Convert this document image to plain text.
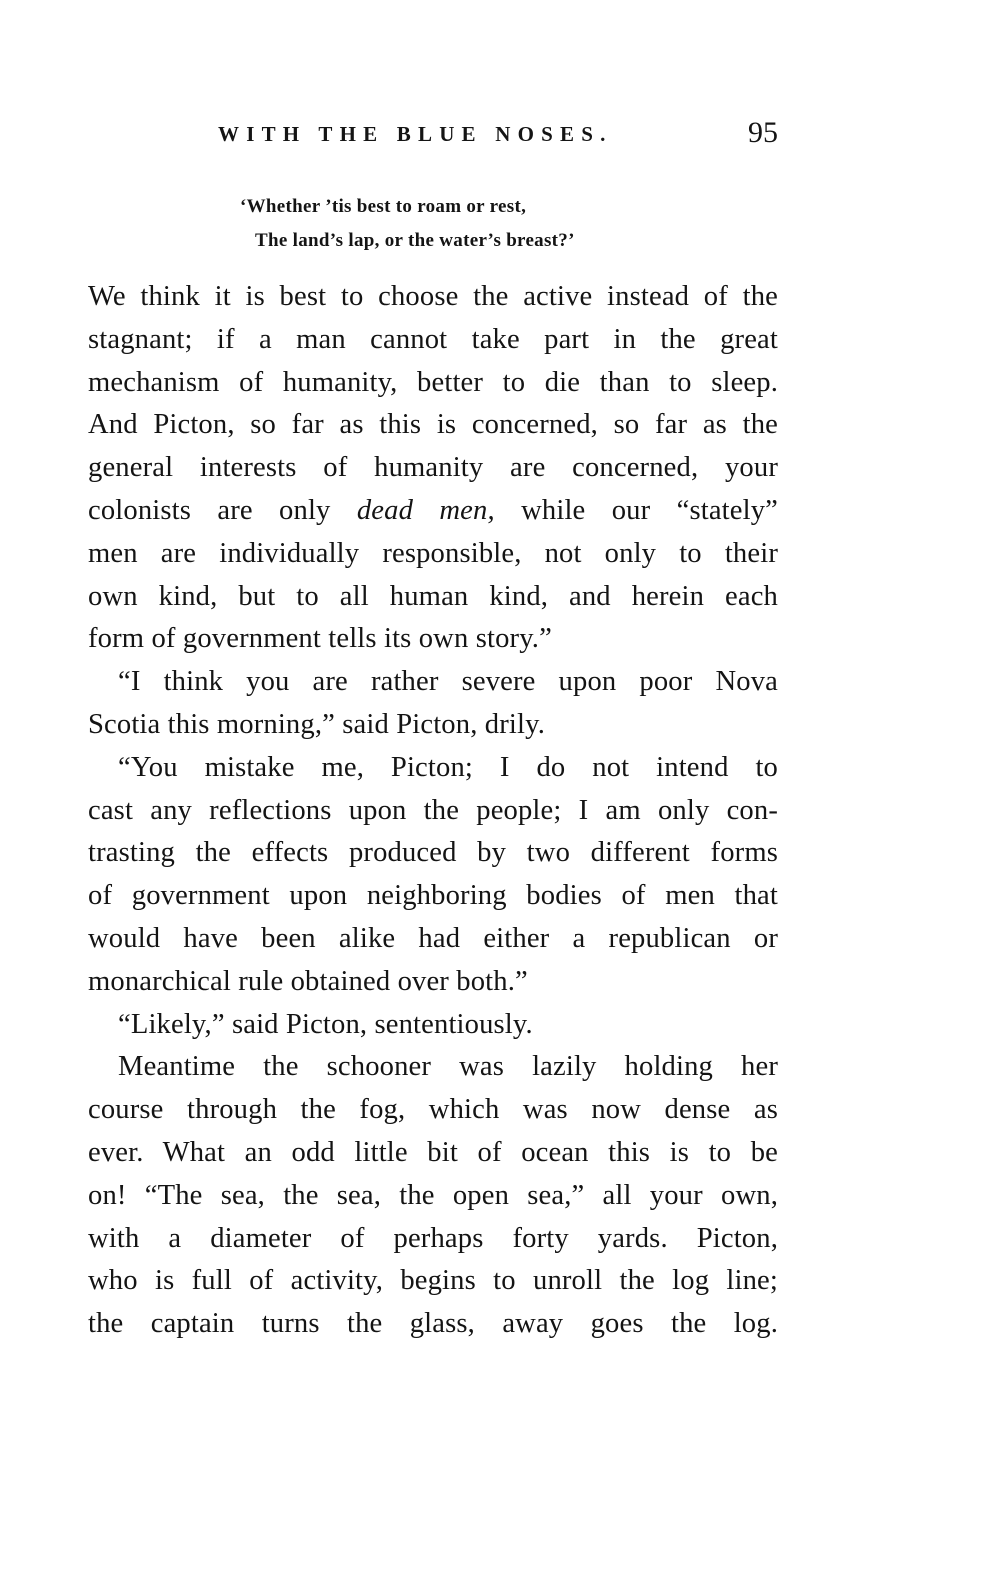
WITH THE BLUE NOSES.	95
‘Whether ’tis best to roam or rest,
The land’s lap, or the water’s breast?’
We think it is best to choose the active instead of the
stagnant; if a man cannot take part in the great
mechanism of humanity, better to die than to sleep.
And Picton, so far as this is concerned, so far as the
general interests of humanity are concerned, your
colonists are only dead men, while our “stately”
men are individually responsible, not only to their
own kind, but to all human kind, and herein each
form of government tells its own story.”
“I think you are rather severe upon poor Nova
Scotia this morning,” said Picton, drily.
“You mistake me, Picton; I do not intend to
cast any reflections upon the people; I am only con-
trasting the effects produced by two different forms
of government upon neighboring bodies of men that
would have been alike had either a republican or
monarchical rule obtained over both.”
“Likely,” said Picton, sententiously.
Meantime the schooner was lazily holding her
course through the fog, which was now dense as
ever. What an odd little bit of ocean this is to be
on! “The sea, the sea, the open sea,” all your own,
with a diameter of perhaps forty yards. Picton,
who is full of activity, begins to unroll the log line;
the captain turns the glass, away goes the log.
